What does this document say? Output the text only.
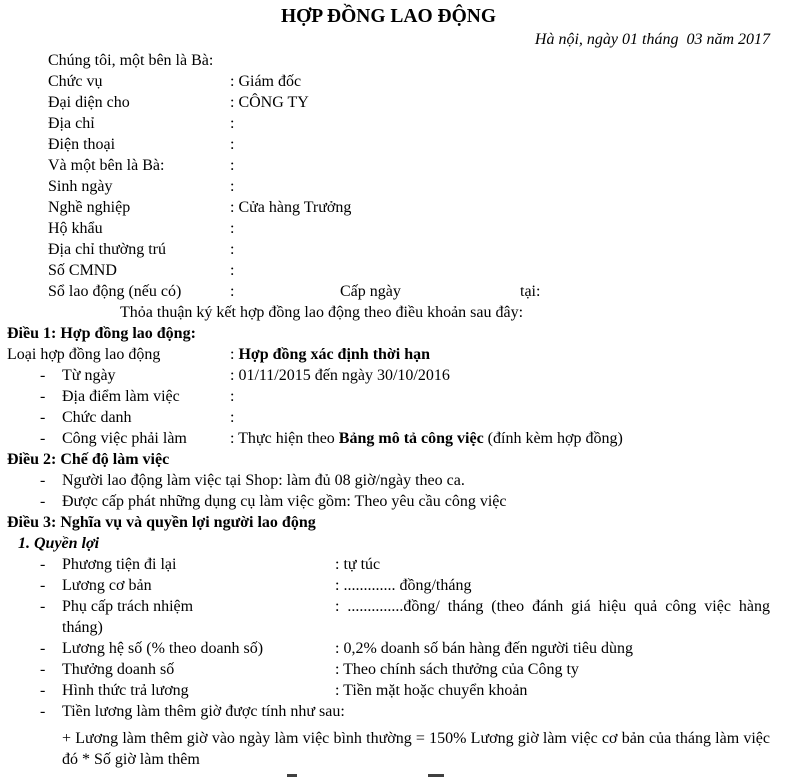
HỢP ĐỒNG LAO ĐỘNG
Hà nội, ngày 01 tháng  03 năm 2017
Chúng tôi, một bên là Bà:
Chức vụ	: Giám đốc
Đại diện cho	: CÔNG TY
Địa chỉ	:
Điện thoại	:
Và một bên là Bà:	:
Sinh ngày	:
Nghề nghiệp	: Cửa hàng Trưởng
Hộ khẩu	:
Địa chỉ thường trú	:
Số CMND	:
Sổ lao động (nếu có)	:	Cấp ngày	tại:
Thỏa thuận ký kết hợp đồng lao động theo điều khoản sau đây:
Điều 1: Hợp đồng lao động:
Loại hợp đồng lao động	: Hợp đồng xác định thời hạn
- Từ ngày	: 01/11/2015 đến ngày 30/10/2016
- Địa điểm làm việc	:
- Chức danh	:
- Công việc phải làm	: Thực hiện theo Bảng mô tả công việc (đính kèm hợp đồng)
Điều 2: Chế độ làm việc
- Người lao động làm việc tại Shop: làm đủ 08 giờ/ngày theo ca.
- Được cấp phát những dụng cụ làm việc gồm: Theo yêu cầu công việc
Điều 3: Nghĩa vụ và quyền lợi người lao động
1. Quyền lợi
- Phương tiện đi lại	: tự túc
- Lương cơ bản	: ............. đồng/tháng
- Phụ cấp trách nhiệm	: ..............đồng/ tháng (theo đánh giá hiệu quả công việc hàng tháng)
- Lương hệ số (% theo doanh số)	: 0,2% doanh số bán hàng đến người tiêu dùng
- Thưởng doanh số	: Theo chính sách thưởng của Công ty
- Hình thức trả lương	: Tiền mặt hoặc chuyển khoản
- Tiền lương làm thêm giờ được tính như sau:
+ Lương làm thêm giờ vào ngày làm việc bình thường = 150% Lương giờ làm việc cơ bản của tháng làm việc đó * Số giờ làm thêm
